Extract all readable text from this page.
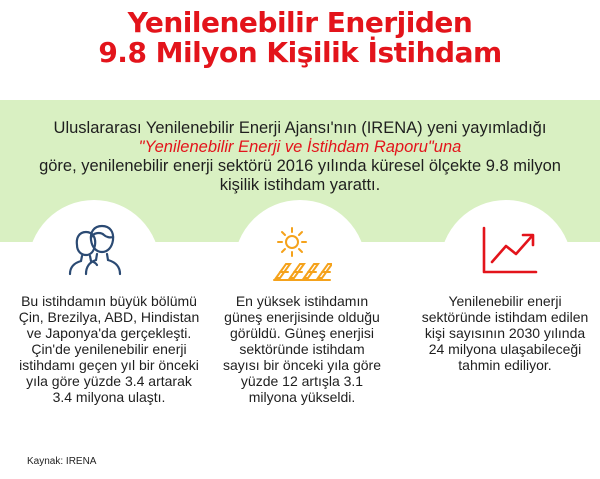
Yenilenebilir Enerjiden
9.8 Milyon Kişilik İstihdam
Uluslararası Yenilenebilir Enerji Ajansı'nın (IRENA) yeni yayımladığı
"Yenilenebilir Enerji ve İstihdam Raporu"una
göre, yenilenebilir enerji sektörü 2016 yılında küresel ölçekte 9.8 milyon
kişilik istihdam yarattı.
Bu istihdamın büyük bölümü
Çin, Brezilya, ABD, Hindistan
ve Japonya'da gerçekleşti.
Çin'de yenilenebilir enerji
istihdamı geçen yıl bir önceki
yıla göre yüzde 3.4 artarak
3.4 milyona ulaştı.
En yüksek istihdamın
güneş enerjisinde olduğu
görüldü. Güneş enerjisi
sektöründe istihdam
sayısı bir önceki yıla göre
yüzde 12 artışla 3.1
milyona yükseldi.
Yenilenebilir enerji
sektöründe istihdam edilen
kişi sayısının 2030 yılında
24 milyona ulaşabileceği
tahmin ediliyor.
Kaynak: IRENA
